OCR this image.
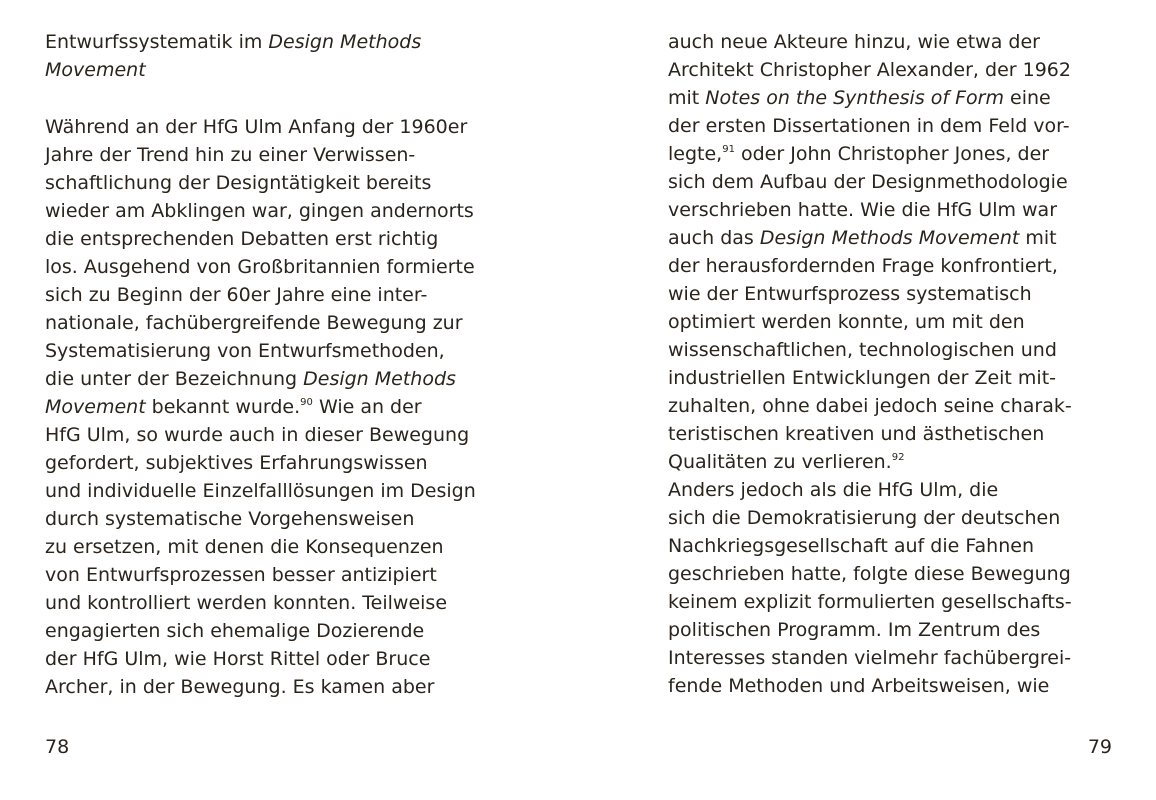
Entwurfssystematik im Design Methods
Movement
Während an der HfG Ulm Anfang der 1960er
Jahre der Trend hin zu einer Verwissen-
schaftlichung der Designtätigkeit bereits
wieder am Abklingen war, gingen andernorts
die entsprechenden Debatten erst richtig
los. Ausgehend von Großbritannien formierte
sich zu Beginn der 60er Jahre eine inter-
nationale, fachübergreifende Bewegung zur
Systematisierung von Entwurfsmethoden,
die unter der Bezeichnung Design Methods
Movement bekannt wurde.$^{90}$ Wie an der
HfG Ulm, so wurde auch in dieser Bewegung
gefordert, subjektives Erfahrungswissen
und individuelle Einzelfalllösungen im Design
durch systematische Vorgehensweisen
zu ersetzen, mit denen die Konsequenzen
von Entwurfsprozessen besser antizipiert
und kontrolliert werden konnten. Teilweise
engagierten sich ehemalige Dozierende
der HfG Ulm, wie Horst Rittel oder Bruce
Archer, in der Bewegung. Es kamen aber
78
auch neue Akteure hinzu, wie etwa der
Architekt Christopher Alexander, der 1962
mit Notes on the Synthesis of Form eine
der ersten Dissertationen in dem Feld vor-
legte,$^{91}$ oder John Christopher Jones, der
sich dem Aufbau der Designmethodologie
verschrieben hatte. Wie die HfG Ulm war
auch das Design Methods Movement mit
der herausfordernden Frage konfrontiert,
wie der Entwurfsprozess systematisch
optimiert werden konnte, um mit den
wissenschaftlichen, technologischen und
industriellen Entwicklungen der Zeit mit-
zuhalten, ohne dabei jedoch seine charak-
teristischen kreativen und ästhetischen
Qualitäten zu verlieren.$^{92}$
Anders jedoch als die HfG Ulm, die
sich die Demokratisierung der deutschen
Nachkriegsgesellschaft auf die Fahnen
geschrieben hatte, folgte diese Bewegung
keinem explizit formulierten gesellschafts-
politischen Programm. Im Zentrum des
Interesses standen vielmehr fachübergrei-
fende Methoden und Arbeitsweisen, wie
79
